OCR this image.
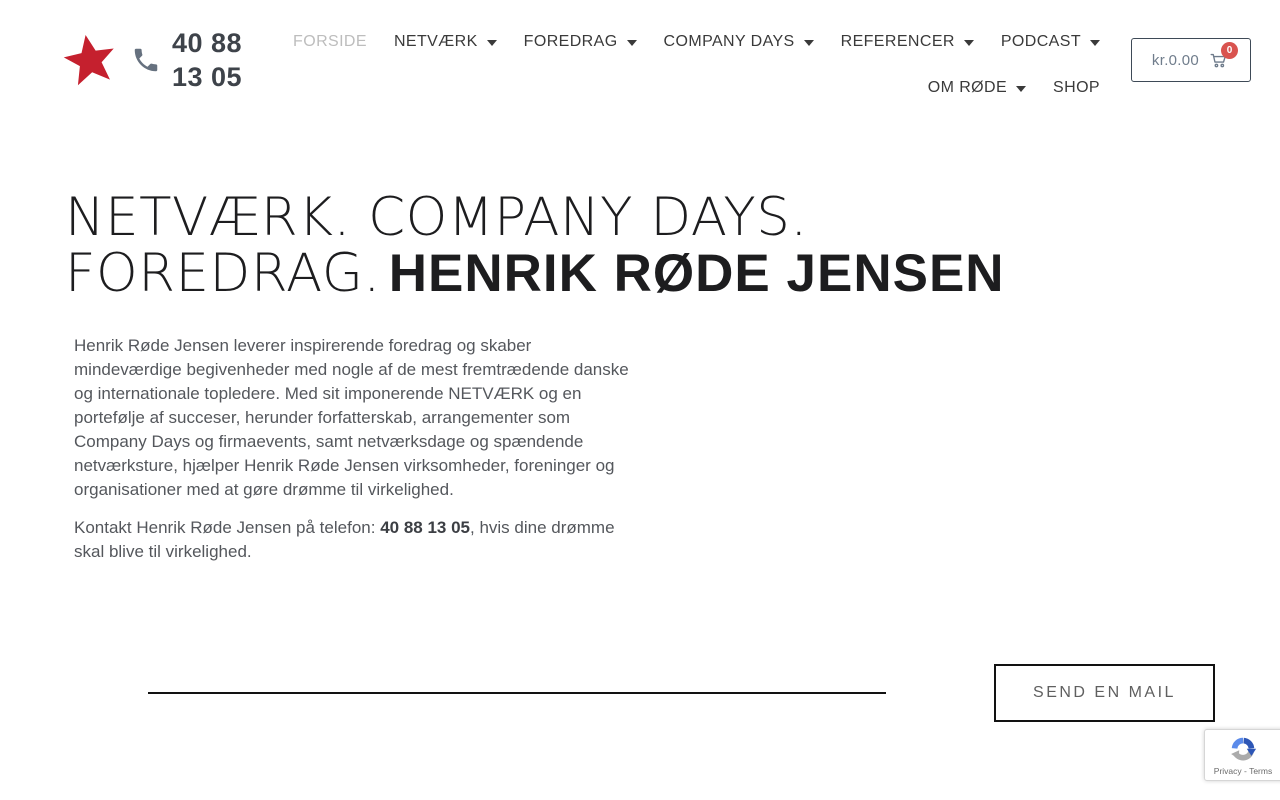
40 88 13 05
FORSIDE NETVÆRK	FOREDRAG	COMPANY DAYS	REFERENCER	PODCAST
OM RØDE	SHOP
kr.0.00
0
NETVÆRK. COMPANY DAYS.
FOREDRAG. HENRIK RØDE JENSEN

Henrik Røde Jensen leverer inspirerende foredrag og skaber mindeværdige begivenheder med nogle af de mest fremtrædende danske og internationale topledere. Med sit imponerende NETVÆRK og en portefølje af succeser, herunder forfatterskab, arrangementer som Company Days og firmaevents, samt netværksdage og spændende netværksture, hjælper Henrik Røde Jensen virksomheder, foreninger og organisationer med at gøre drømme til virkelighed.

Kontakt Henrik Røde Jensen på telefon: 40 88 13 05, hvis dine drømme skal blive til virkelighed.

SEND EN MAIL
Privacy - Terms
